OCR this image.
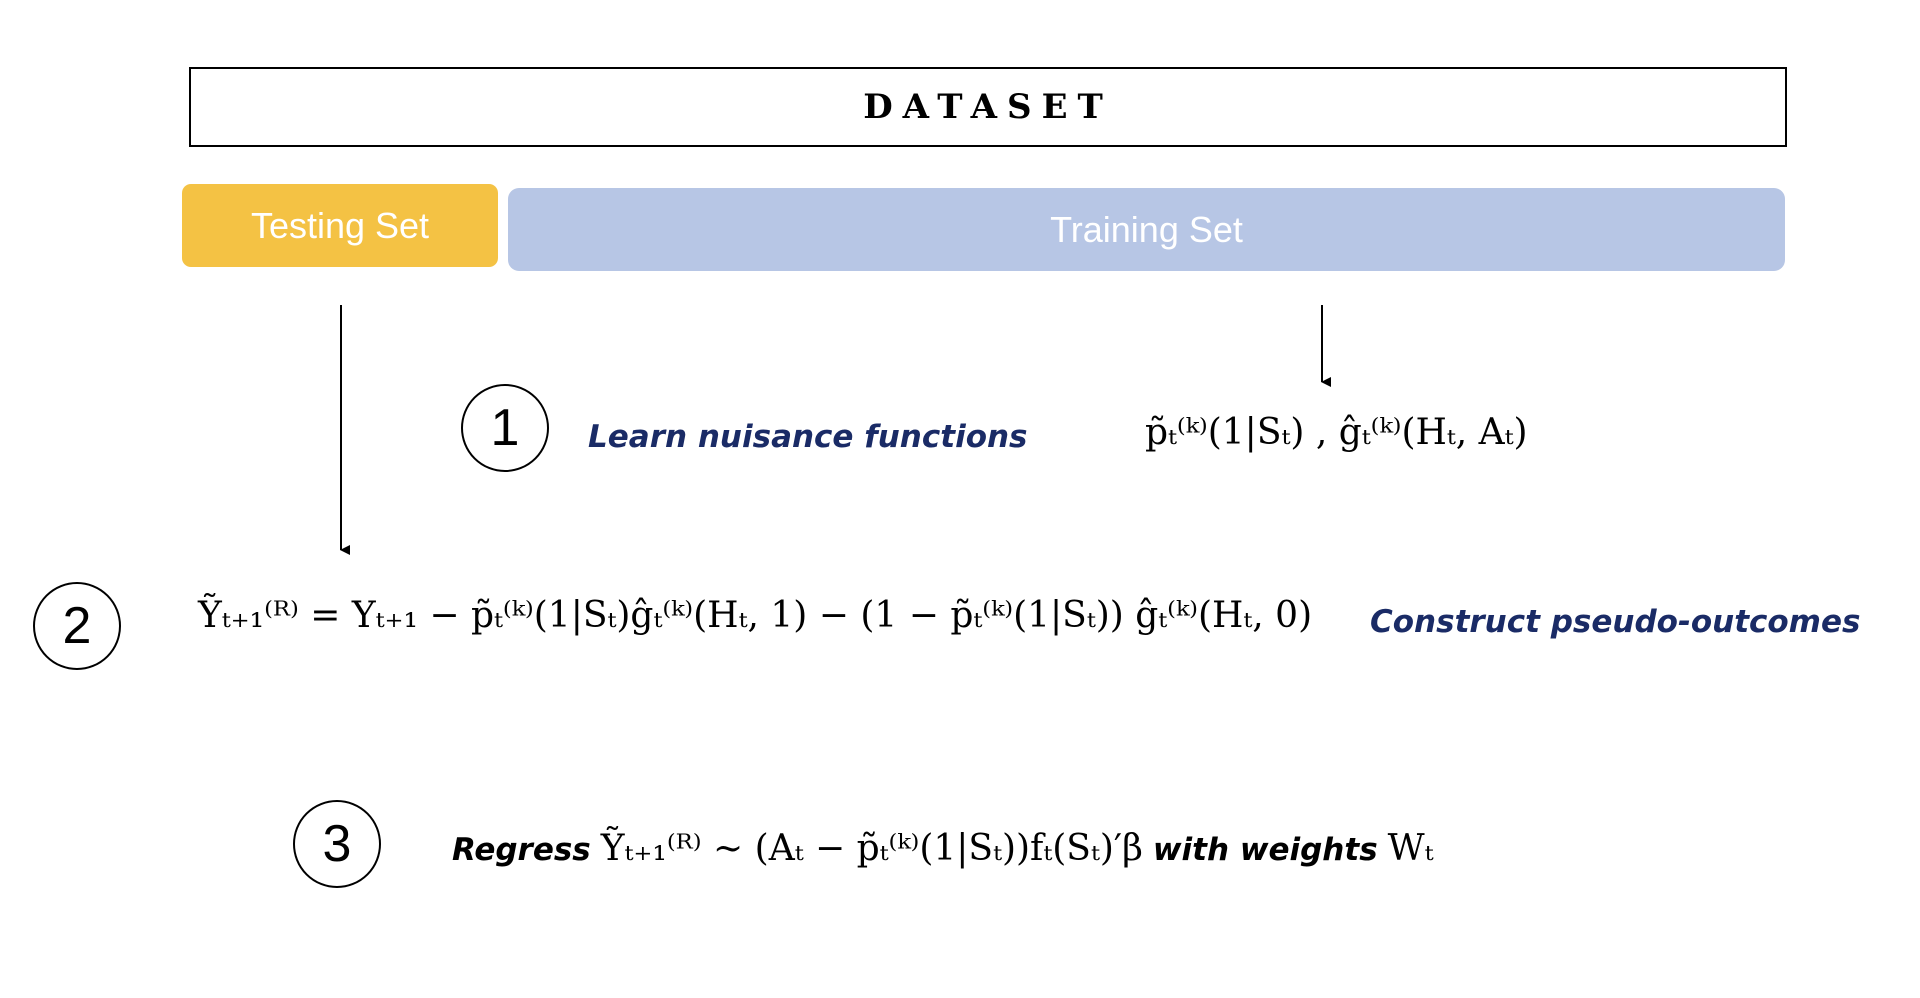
DATASET
Testing Set	Training Set
1 Learn nuisance functions	p̃ₜ⁽ᵏ⁾(1|Sₜ) , ĝₜ⁽ᵏ⁾(Hₜ, Aₜ)
2	Ỹₜ₊₁⁽ᴿ⁾ = Yₜ₊₁ − p̃ₜ⁽ᵏ⁾(1|Sₜ)ĝₜ⁽ᵏ⁾(Hₜ, 1) − (1 − p̃ₜ⁽ᵏ⁾(1|Sₜ)) ĝₜ⁽ᵏ⁾(Hₜ, 0) Construct pseudo-outcomes
3	Regress Ỹₜ₊₁⁽ᴿ⁾ ~ (Aₜ − p̃ₜ⁽ᵏ⁾(1|Sₜ))fₜ(Sₜ)′β with weights Wₜ
